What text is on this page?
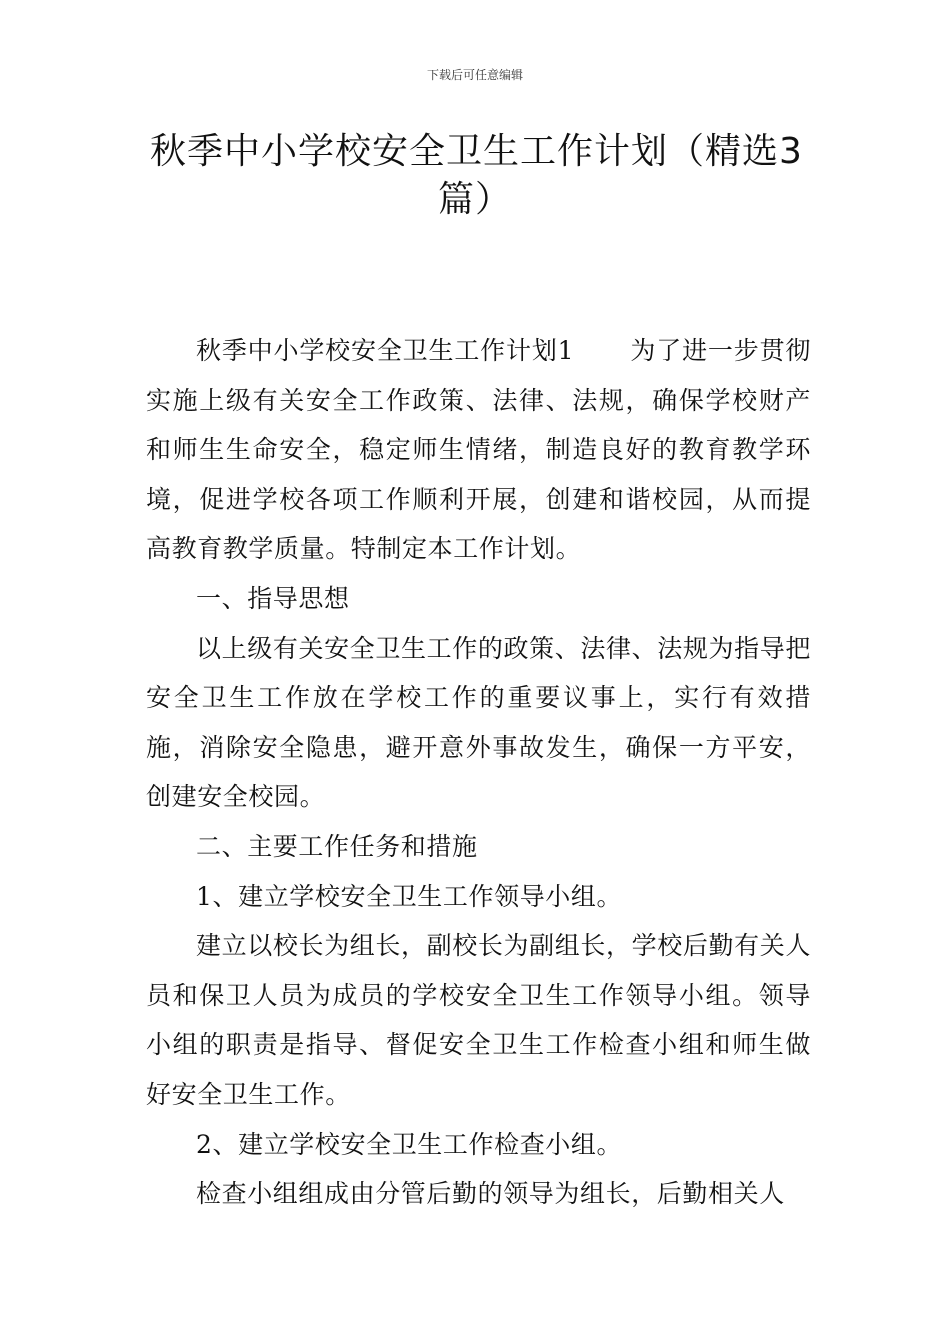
下载后可任意编辑
秋季中小学校安全卫生工作计划（精选3
篇）

秋季中小学校安全卫生工作计划1 为了进一步贯彻实施上级有关安全工作政策、法律、法规，确保学校财产和师生生命安全，稳定师生情绪，制造良好的教育教学环境，促进学校各项工作顺利开展，创建和谐校园，从而提高教育教学质量。特制定本工作计划。

一、指导思想

以上级有关安全卫生工作的政策、法律、法规为指导把安全卫生工作放在学校工作的重要议事上，实行有效措施，消除安全隐患，避开意外事故发生，确保一方平安，创建安全校园。

二、主要工作任务和措施

1、建立学校安全卫生工作领导小组。

建立以校长为组长，副校长为副组长，学校后勤有关人员和保卫人员为成员的学校安全卫生工作领导小组。领导小组的职责是指导、督促安全卫生工作检查小组和师生做好安全卫生工作。

2、建立学校安全卫生工作检查小组。

检查小组组成由分管后勤的领导为组长，后勤相关人
